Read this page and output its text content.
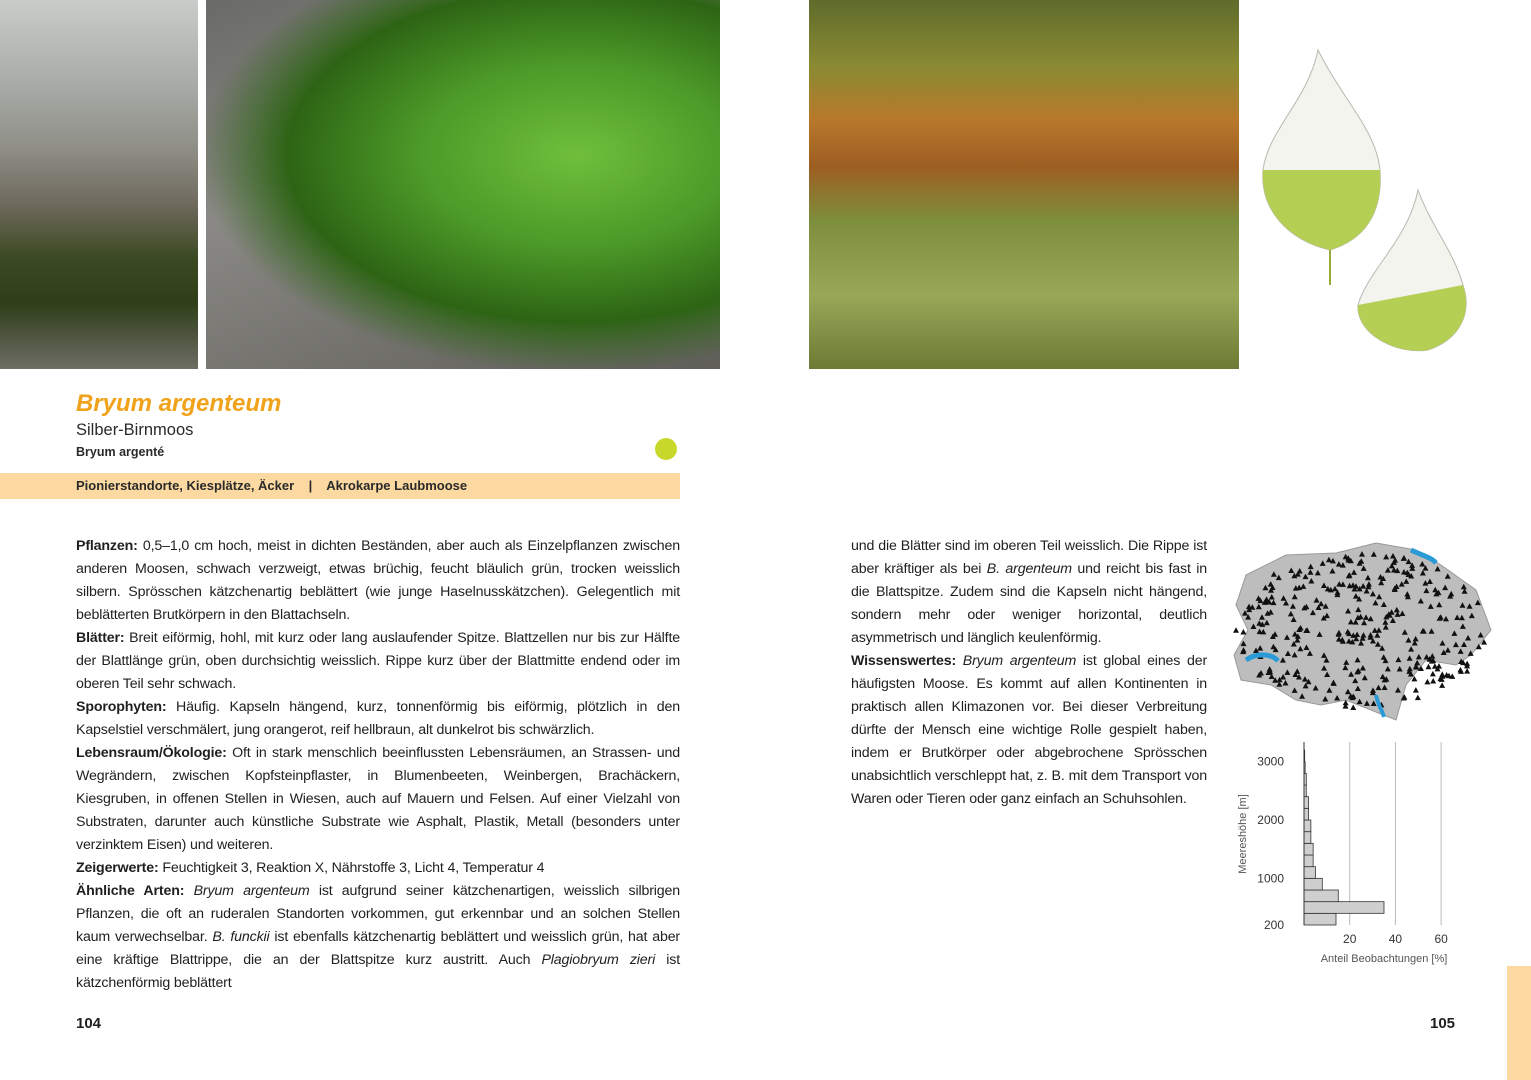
Bryum argenteum
Silber-Birnmoos
Bryum argenté
Pionierstandorte, Kiesplätze, Äcker    |    Akrokarpe Laubmoose

Pflanzen: 0,5–1,0 cm hoch, meist in dichten Beständen, aber auch als Einzelpflanzen zwischen anderen Moosen, schwach verzweigt, etwas brüchig, feucht bläulich grün, trocken weisslich silbern. Sprösschen kätzchenartig beblättert (wie junge Haselnusskätzchen). Gelegentlich mit beblätterten Brutkörpern in den Blattachseln.

Blätter: Breit eiförmig, hohl, mit kurz oder lang auslaufender Spitze. Blattzellen nur bis zur Hälfte der Blattlänge grün, oben durchsichtig weisslich. Rippe kurz über der Blattmitte endend oder im oberen Teil sehr schwach.

Sporophyten: Häufig. Kapseln hängend, kurz, tonnenförmig bis eiförmig, plötzlich in den Kapselstiel verschmälert, jung orangerot, reif hellbraun, alt dunkelrot bis schwärzlich.

Lebensraum/Ökologie: Oft in stark menschlich beeinflussten Lebensräumen, an Strassen- und Wegrändern, zwischen Kopfsteinpflaster, in Blumenbeeten, Weinbergen, Brachäckern, Kiesgruben, in offenen Stellen in Wiesen, auch auf Mauern und Felsen. Auf einer Vielzahl von Substraten, darunter auch künstliche Substrate wie Asphalt, Plastik, Metall (besonders unter verzinktem Eisen) und weiteren.

Zeigerwerte: Feuchtigkeit 3, Reaktion X, Nährstoffe 3, Licht 4, Temperatur 4

Ähnliche Arten: Bryum argenteum ist aufgrund seiner kätzchenartigen, weisslich silbrigen Pflanzen, die oft an ruderalen Standorten vorkommen, gut erkennbar und an solchen Stellen kaum verwechselbar. B. funckii ist ebenfalls kätzchenartig beblättert und weisslich grün, hat aber eine kräftige Blattrippe, die an der Blattspitze kurz austritt. Auch Plagiobryum zieri ist kätzchenförmig beblättert

und die Blätter sind im oberen Teil weisslich. Die Rippe ist aber kräftiger als bei B. argenteum und reicht bis fast in die Blattspitze. Zudem sind die Kapseln nicht hängend, sondern mehr oder weniger horizontal, deutlich asymmetrisch und länglich keulenförmig.

Wissenswertes: Bryum argenteum ist global eines der häufigsten Moose. Es kommt auf allen Kontinenten in praktisch allen Klimazonen vor. Bei dieser Verbreitung dürfte der Mensch eine wichtige Rolle gespielt haben, indem er Brutkörper oder abgebrochene Sprösschen unabsichtlich verschleppt hat, z. B. mit dem Transport von Waren oder Tieren oder ganz einfach an Schuhsohlen.

3000
2000
1000
200
20	40	60
Meereshöhe [m]
Anteil Beobachtungen [%]
104	105
